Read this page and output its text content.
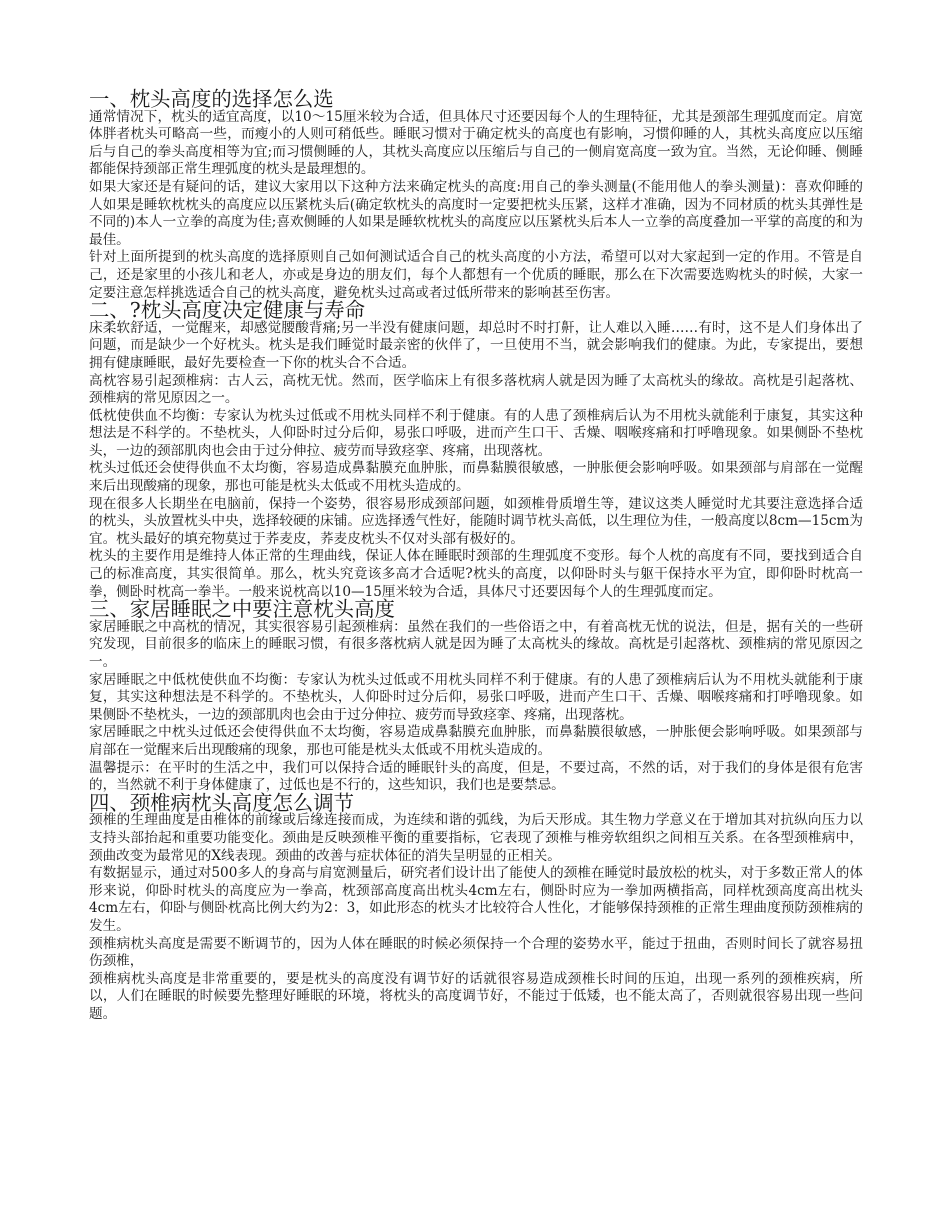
一、枕头高度的选择怎么选

通常情况下，枕头的适宜高度，以10～15厘米较为合适，但具体尺寸还要因每个人的生理特征，尤其是颈部生理弧度而定。肩宽体胖者枕头可略高一些，而瘦小的人则可稍低些。睡眠习惯对于确定枕头的高度也有影响，习惯仰睡的人，其枕头高度应以压缩后与自己的拳头高度相等为宜;而习惯侧睡的人，其枕头高度应以压缩后与自己的一侧肩宽高度一致为宜。当然，无论仰睡、侧睡都能保持颈部正常生理弧度的枕头是最理想的。

如果大家还是有疑问的话，建议大家用以下这种方法来确定枕头的高度:用自己的拳头测量(不能用他人的拳头测量)：喜欢仰睡的人如果是睡软枕枕头的高度应以压紧枕头后(确定软枕头的高度时一定要把枕头压紧，这样才准确，因为不同材质的枕头其弹性是不同的)本人一立拳的高度为佳;喜欢侧睡的人如果是睡软枕枕头的高度应以压紧枕头后本人一立拳的高度叠加一平掌的高度的和为最佳。

针对上面所提到的枕头高度的选择原则自己如何测试适合自己的枕头高度的小方法，希望可以对大家起到一定的作用。不管是自己，还是家里的小孩儿和老人，亦或是身边的朋友们，每个人都想有一个优质的睡眠，那么在下次需要选购枕头的时候，大家一定要注意怎样挑选适合自己的枕头高度，避免枕头过高或者过低所带来的影响甚至伤害。

二、?枕头高度决定健康与寿命

床柔软舒适，一觉醒来，却感觉腰酸背痛;另一半没有健康问题，却总时不时打鼾，让人难以入睡……有时，这不是人们身体出了问题，而是缺少一个好枕头。枕头是我们睡觉时最亲密的伙伴了，一旦使用不当，就会影响我们的健康。为此，专家提出，要想拥有健康睡眠，最好先要检查一下你的枕头合不合适。

高枕容易引起颈椎病：古人云，高枕无忧。然而，医学临床上有很多落枕病人就是因为睡了太高枕头的缘故。高枕是引起落枕、颈椎病的常见原因之一。

低枕使供血不均衡：专家认为枕头过低或不用枕头同样不利于健康。有的人患了颈椎病后认为不用枕头就能利于康复，其实这种想法是不科学的。不垫枕头，人仰卧时过分后仰，易张口呼吸，进而产生口干、舌燥、咽喉疼痛和打呼噜现象。如果侧卧不垫枕头，一边的颈部肌肉也会由于过分伸拉、疲劳而导致痉挛、疼痛，出现落枕。

枕头过低还会使得供血不太均衡，容易造成鼻黏膜充血肿胀，而鼻黏膜很敏感，一肿胀便会影响呼吸。如果颈部与肩部在一觉醒来后出现酸痛的现象，那也可能是枕头太低或不用枕头造成的。

现在很多人长期坐在电脑前，保持一个姿势，很容易形成颈部问题，如颈椎骨质增生等，建议这类人睡觉时尤其要注意选择合适的枕头，头放置枕头中央，选择较硬的床铺。应选择透气性好，能随时调节枕头高低，以生理位为佳，一般高度以8cm—15cm为宜。枕头最好的填充物莫过于荞麦皮，荞麦皮枕头不仅对头部有极好的。

枕头的主要作用是维持人体正常的生理曲线，保证人体在睡眠时颈部的生理弧度不变形。每个人枕的高度有不同，要找到适合自己的标准高度，其实很简单。那么，枕头究竟该多高才合适呢?枕头的高度，以仰卧时头与躯干保持水平为宜，即仰卧时枕高一拳，侧卧时枕高一拳半。一般来说枕高以10—15厘米较为合适，具体尺寸还要因每个人的生理弧度而定。

三、家居睡眠之中要注意枕头高度

家居睡眠之中高枕的情况，其实很容易引起颈椎病：虽然在我们的一些俗语之中，有着高枕无忧的说法，但是，据有关的一些研究发现，目前很多的临床上的睡眠习惯，有很多落枕病人就是因为睡了太高枕头的缘故。高枕是引起落枕、颈椎病的常见原因之一。

家居睡眠之中低枕使供血不均衡：专家认为枕头过低或不用枕头同样不利于健康。有的人患了颈椎病后认为不用枕头就能利于康复，其实这种想法是不科学的。不垫枕头，人仰卧时过分后仰，易张口呼吸，进而产生口干、舌燥、咽喉疼痛和打呼噜现象。如果侧卧不垫枕头，一边的颈部肌肉也会由于过分伸拉、疲劳而导致痉挛、疼痛，出现落枕。

家居睡眠之中枕头过低还会使得供血不太均衡，容易造成鼻黏膜充血肿胀，而鼻黏膜很敏感，一肿胀便会影响呼吸。如果颈部与肩部在一觉醒来后出现酸痛的现象，那也可能是枕头太低或不用枕头造成的。

温馨提示：在平时的生活之中，我们可以保持合适的睡眠针头的高度，但是，不要过高，不然的话，对于我们的身体是很有危害的，当然就不利于身体健康了，过低也是不行的，这些知识，我们也是要禁忌。

四、颈椎病枕头高度怎么调节

颈椎的生理曲度是由椎体的前缘或后缘连接而成，为连续和谐的弧线，为后天形成。其生物力学意义在于增加其对抗纵向压力以支持头部抬起和重要功能变化。颈曲是反映颈椎平衡的重要指标，它表现了颈椎与椎旁软组织之间相互关系。在各型颈椎病中，颈曲改变为最常见的X线表现。颈曲的改善与症状体征的消失呈明显的正相关。

有数据显示，通过对500多人的身高与肩宽测量后，研究者们设计出了能使人的颈椎在睡觉时最放松的枕头，对于多数正常人的体形来说，仰卧时枕头的高度应为一拳高，枕颈部高度高出枕头4cm左右，侧卧时应为一拳加两横指高，同样枕颈高度高出枕头4cm左右，仰卧与侧卧枕高比例大约为2：3，如此形态的枕头才比较符合人性化，才能够保持颈椎的正常生理曲度预防颈椎病的发生。

颈椎病枕头高度是需要不断调节的，因为人体在睡眠的时候必须保持一个合理的姿势水平，能过于扭曲，否则时间长了就容易扭伤颈椎，

颈椎病枕头高度是非常重要的，要是枕头的高度没有调节好的话就很容易造成颈椎长时间的压迫，出现一系列的颈椎疾病，所以，人们在睡眠的时候要先整理好睡眠的环境，将枕头的高度调节好，不能过于低矮，也不能太高了，否则就很容易出现一些问题。
